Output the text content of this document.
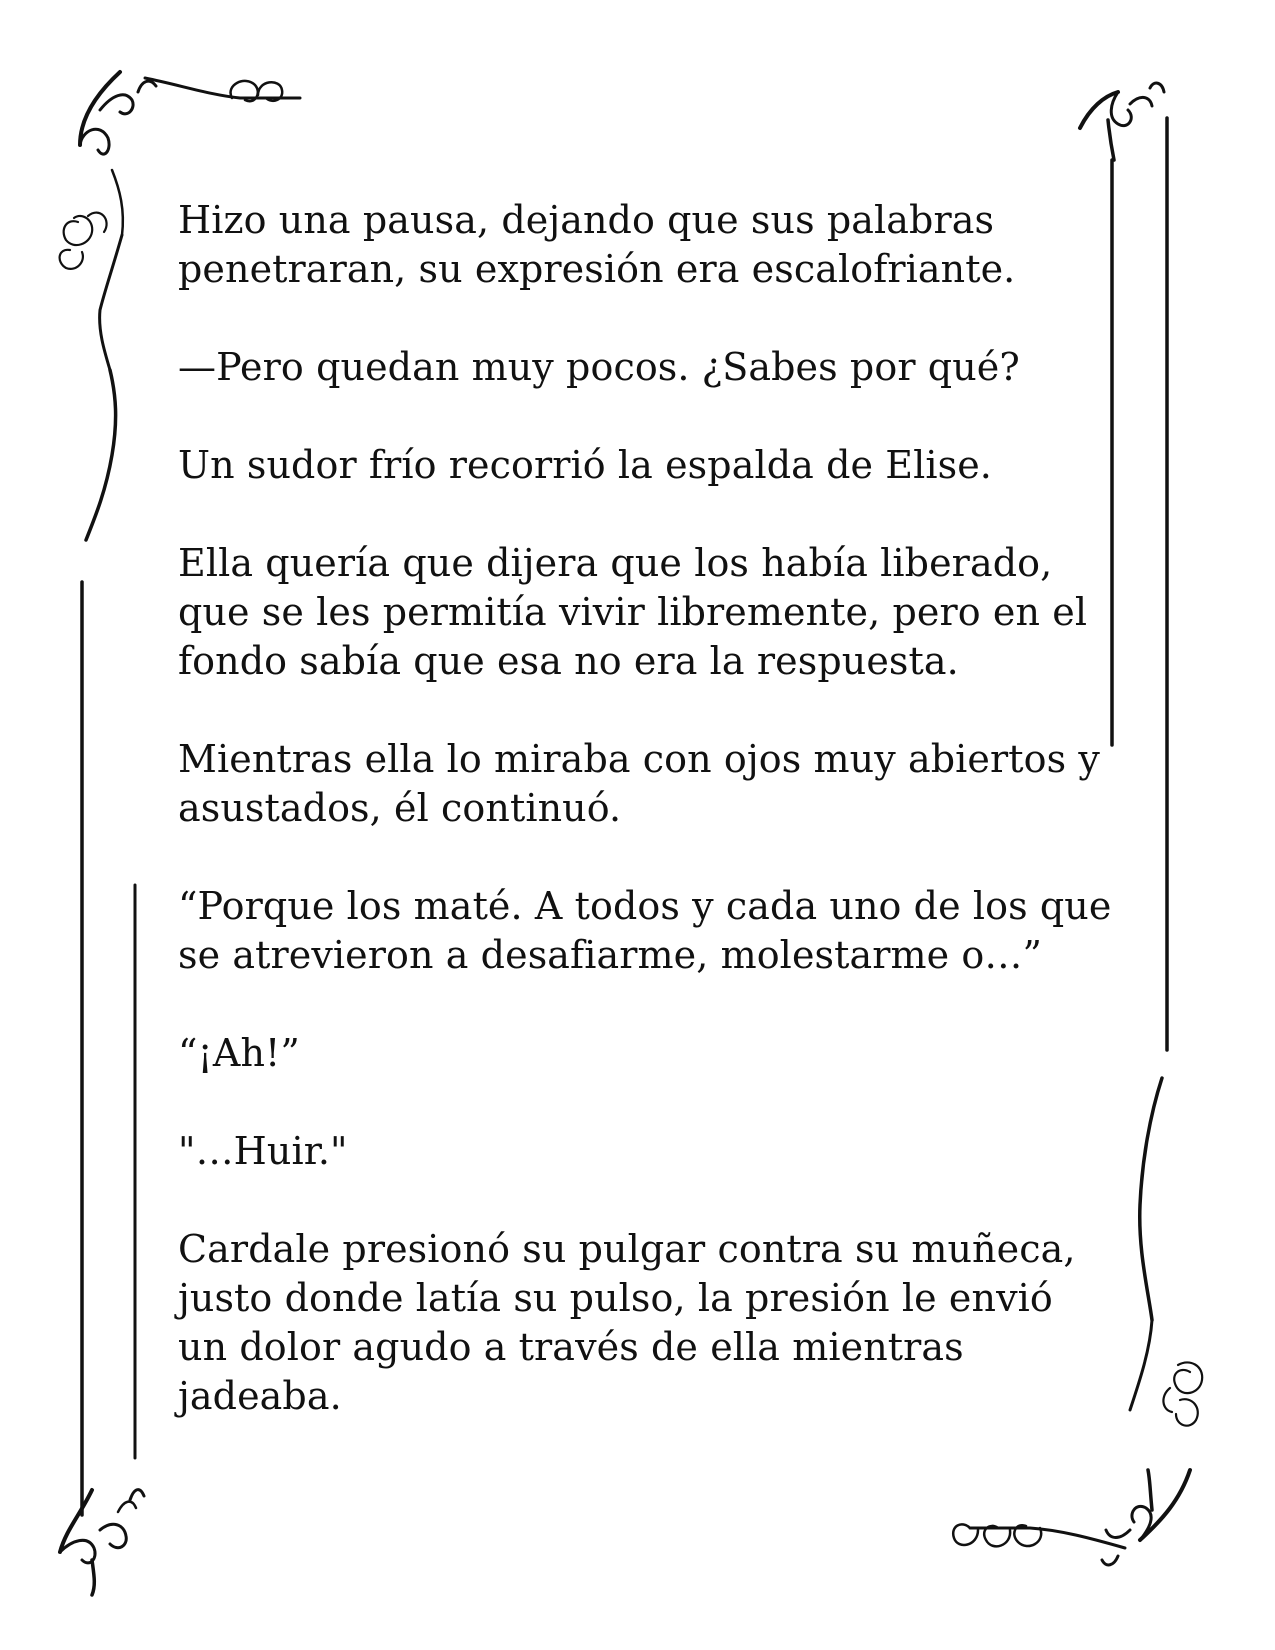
Hizo una pausa, dejando que sus palabras
penetraran, su expresión era escalofriante.

—Pero quedan muy pocos. ¿Sabes por qué?

Un sudor frío recorrió la espalda de Elise.

Ella quería que dijera que los había liberado,
que se les permitía vivir libremente, pero en el
fondo sabía que esa no era la respuesta.

Mientras ella lo miraba con ojos muy abiertos y
asustados, él continuó.

“Porque los maté. A todos y cada uno de los que
se atrevieron a desafiarme, molestarme o…”

“¡Ah!”

"…Huir."

Cardale presionó su pulgar contra su muñeca,
justo donde latía su pulso, la presión le envió
un dolor agudo a través de ella mientras
jadeaba.
